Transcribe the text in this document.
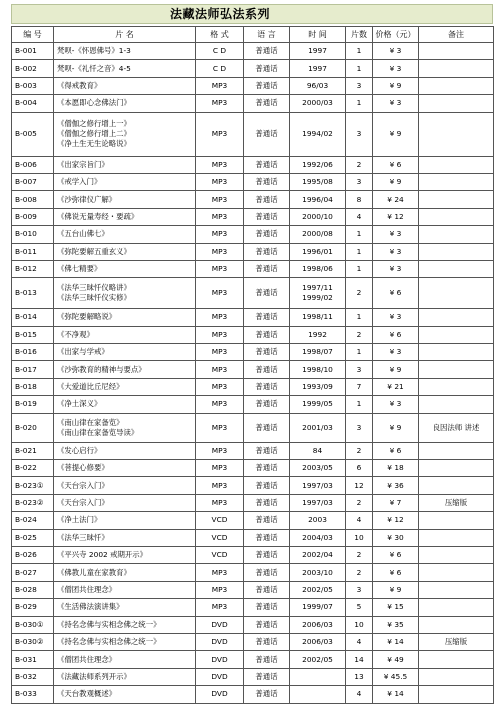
法藏法师弘法系列
编 号	片 名	格 式	语 言	时 间	片数	价格（元）	备注
B-001	梵呗-《怀恩佛号》1-3	C D	普通话	1997	1	¥ 3	
B-002	梵呗-《礼忏之音》4-5	C D	普通话	1997	1	¥ 3	
B-003	《得戒教育》	MP3	普通话	96/03	3	¥ 9	
B-004	《本愿即心念佛法门》	MP3	普通话	2000/03	1	¥ 3	
B-005	《僧伽之修行增上一》
《僧伽之修行增上二》
《净土生无生论略说》	MP3	普通话	1994/02	3	¥ 9	
B-006	《出家宗旨门》	MP3	普通话	1992/06	2	¥ 6	
B-007	《戒学入门》	MP3	普通话	1995/08	3	¥ 9	
B-008	《沙弥律仪广解》	MP3	普通话	1996/04	8	¥ 24	
B-009	《佛说无量寿经・要疏》	MP3	普通话	2000/10	4	¥ 12	
B-010	《五台山佛七》	MP3	普通话	2000/08	1	¥ 3	
B-011	《弥陀要解五重玄义》	MP3	普通话	1996/01	1	¥ 3	
B-012	《佛七精要》	MP3	普通话	1998/06	1	¥ 3	
B-013	《法华三昧忏仪略讲》
《法华三昧忏仪实修》	MP3	普通话	1997/11
1999/02	2	¥ 6	
B-014	《弥陀要解略说》	MP3	普通话	1998/11	1	¥ 3	
B-015	《不净观》	MP3	普通话	1992	2	¥ 6	
B-016	《出家与学戒》	MP3	普通话	1998/07	1	¥ 3	
B-017	《沙弥教育的精神与要点》	MP3	普通话	1998/10	3	¥ 9	
B-018	《大爱道比丘尼经》	MP3	普通话	1993/09	7	¥ 21	
B-019	《净土深义》	MP3	普通话	1999/05	1	¥ 3	
B-020	《南山律在家备览》
《南山律在家备览导读》	MP3	普通话	2001/03	3	¥ 9	良因法师 讲述
B-021	《发心启行》	MP3	普通话	84	2	¥ 6	
B-022	《菩提心修要》	MP3	普通话	2003/05	6	¥ 18	
B-023①	《天台宗入门》	MP3	普通话	1997/03	12	¥ 36	
B-023②	《天台宗入门》	MP3	普通话	1997/03	2	¥ 7	压缩版
B-024	《净土法门》	VCD	普通话	2003	4	¥ 12	
B-025	《法华三昧忏》	VCD	普通话	2004/03	10	¥ 30	
B-026	《平兴寺 2002 戒期开示》	VCD	普通话	2002/04	2	¥ 6	
B-027	《佛教儿童在家教育》	MP3	普通话	2003/10	2	¥ 6	
B-028	《僧团共住理念》	MP3	普通话	2002/05	3	¥ 9	
B-029	《生活佛法演讲集》	MP3	普通话	1999/07	5	¥ 15	
B-030①	《持名念佛与实相念佛之统一》	DVD	普通话	2006/03	10	¥ 35	
B-030②	《持名念佛与实相念佛之统一》	DVD	普通话	2006/03	4	¥ 14	压缩版
B-031	《僧团共住理念》	DVD	普通话	2002/05	14	¥ 49	
B-032	《法藏法师系列开示》	DVD	普通话		13	¥ 45.5	
B-033	《天台教观概述》	DVD	普通话		4	¥ 14	
